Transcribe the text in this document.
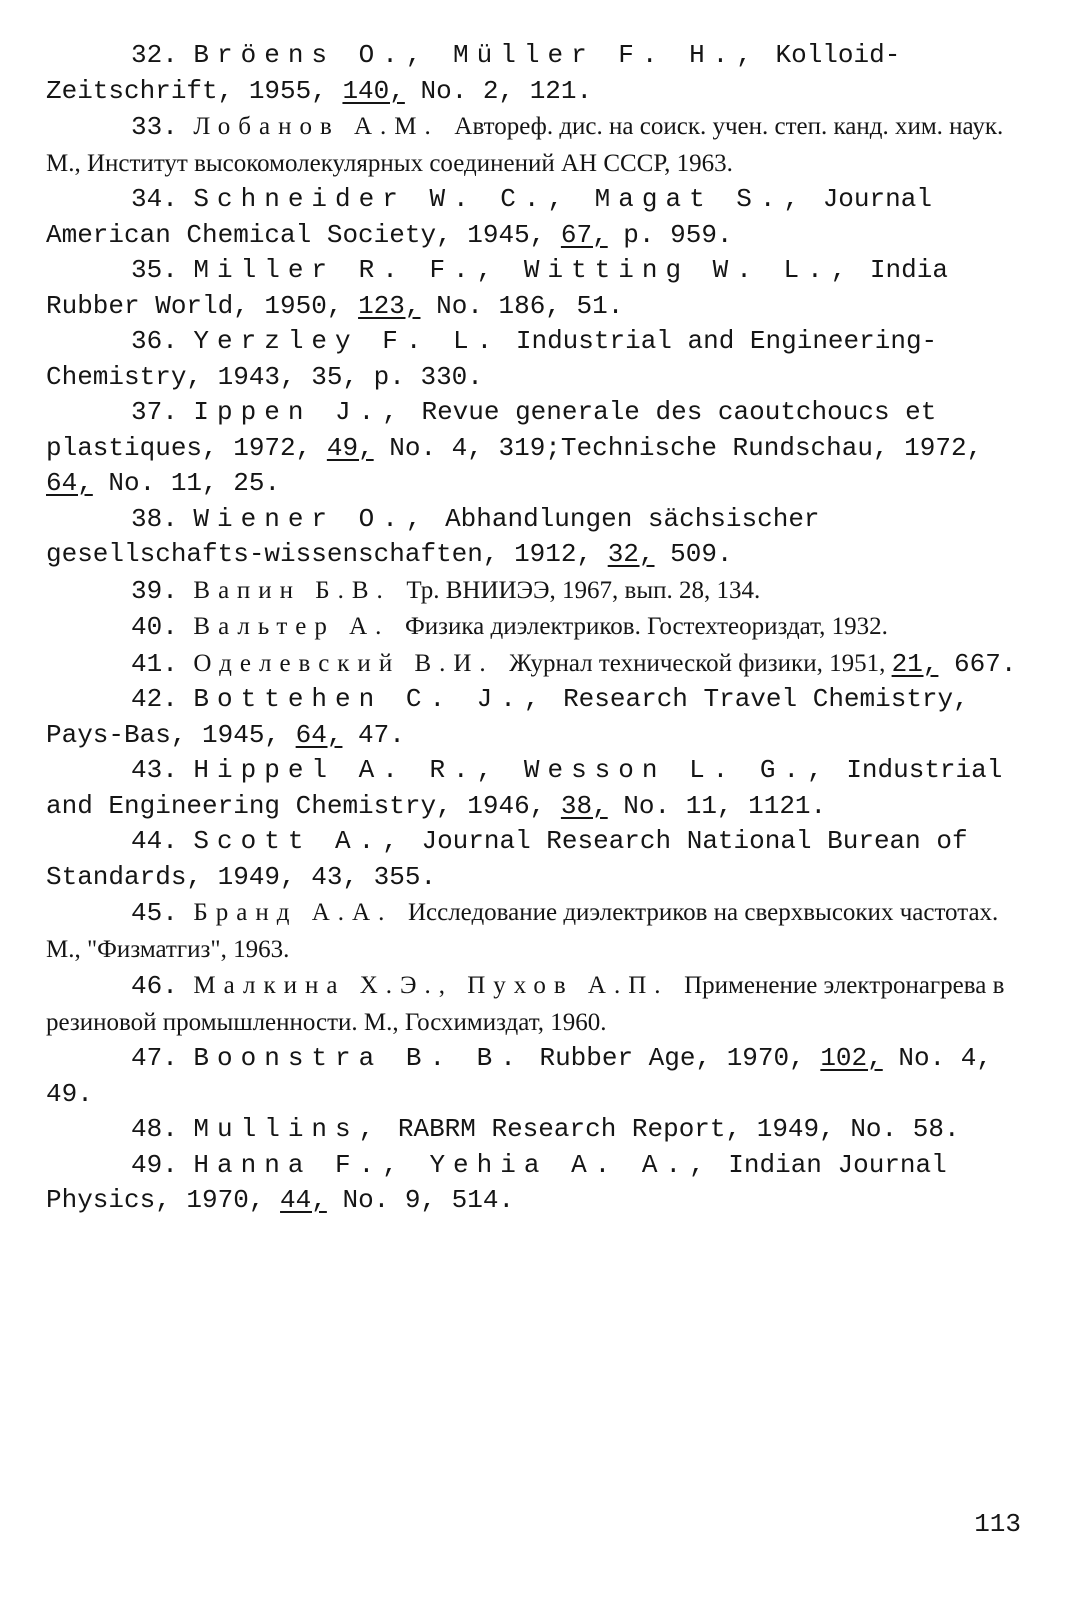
32. Bröens O., Müller F. H., Kolloid-Zeitschrift, 1955, 140, No. 2, 121.

33. Лобанов А.М. Автореф. дис. на соиск. учен. степ. канд. хим. наук. М., Институт высокомолекулярных соединений АН СССР, 1963.

34. Schneider W. C., Magat S., Journal American Chemical Society, 1945, 67, p. 959.

35. Miller R. F., Witting W. L., India Rubber World, 1950, 123, No. 186, 51.

36. Yerzley F. L. Industrial and Engineering-Chemistry, 1943, 35, p. 330.

37. Ippen J., Revue generale des caoutchoucs et plastiques, 1972, 49, No. 4, 319;Technische Rundschau, 1972, 64, No. 11, 25.

38. Wiener O., Abhandlungen sächsischer gesellschafts-wissenschaften, 1912, 32, 509.

39. Вапин Б.В. Тр. ВНИИЭЭ, 1967, вып. 28, 134.

40. Вальтер А. Физика диэлектриков. Гостехтеориздат, 1932.

41. Оделевский В.И. Журнал технической физики, 1951, 21, 667.

42. Bottehen C. J., Research Travel Chemistry, Pays-Bas, 1945, 64, 47.

43. Hippel A. R., Wesson L. G., Industrial and Engineering Chemistry, 1946, 38, No. 11, 1121.

44. Scott A., Journal Research National Burean of Standards, 1949, 43, 355.

45. Бранд А.А. Исследование диэлектриков на сверхвысоких частотах. М., "Физматгиз", 1963.

46. Малкина Х.Э., Пухов А.П. Применение электронагрева в резиновой промышленности. М., Госхимиздат, 1960.

47. Boonstra B. B. Rubber Age, 1970, 102, No. 4, 49.

48. Mullins, RABRM Research Report, 1949, No. 58.

49. Hanna F., Yehia A. A., Indian Journal Physics, 1970, 44, No. 9, 514.

113
